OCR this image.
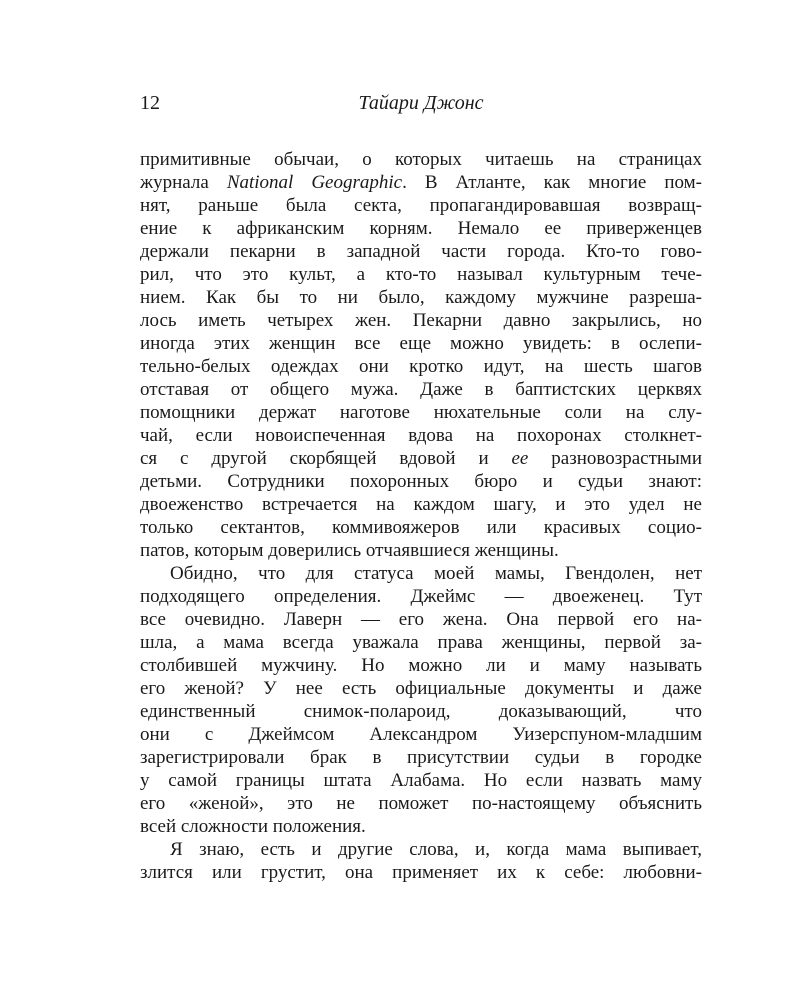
12	Тайари Джонс
примитивные обычаи, о которых читаешь на страницах
журнала National Geographic. В Атланте, как многие пом-
нят, раньше была секта, пропагандировавшая возвращ-
ение к африканским корням. Немало ее приверженцев
держали пекарни в западной части города. Кто-то гово-
рил, что это культ, а кто-то называл культурным тече-
нием. Как бы то ни было, каждому мужчине разреша-
лось иметь четырех жен. Пекарни давно закрылись, но
иногда этих женщин все еще можно увидеть: в ослепи-
тельно-белых одеждах они кротко идут, на шесть шагов
отставая от общего мужа. Даже в баптистских церквях
помощники держат наготове нюхательные соли на слу-
чай, если новоиспеченная вдова на похоронах столкнет-
ся с другой скорбящей вдовой и ее разновозрастными
детьми. Сотрудники похоронных бюро и судьи знают:
двоеженство встречается на каждом шагу, и это удел не
только сектантов, коммивояжеров или красивых социо-
патов, которым доверились отчаявшиеся женщины.
Обидно, что для статуса моей мамы, Гвендолен, нет
подходящего определения. Джеймс — двоеженец. Тут
все очевидно. Лаверн — его жена. Она первой его на-
шла, а мама всегда уважала права женщины, первой за-
столбившей мужчину. Но можно ли и маму называть
его женой? У нее есть официальные документы и даже
единственный снимок-полароид, доказывающий, что
они с Джеймсом Александром Уизерспуном-младшим
зарегистрировали брак в присутствии судьи в городке
у самой границы штата Алабама. Но если назвать маму
его «женой», это не поможет по-настоящему объяснить
всей сложности положения.
Я знаю, есть и другие слова, и, когда мама выпивает,
злится или грустит, она применяет их к себе: любовни-
